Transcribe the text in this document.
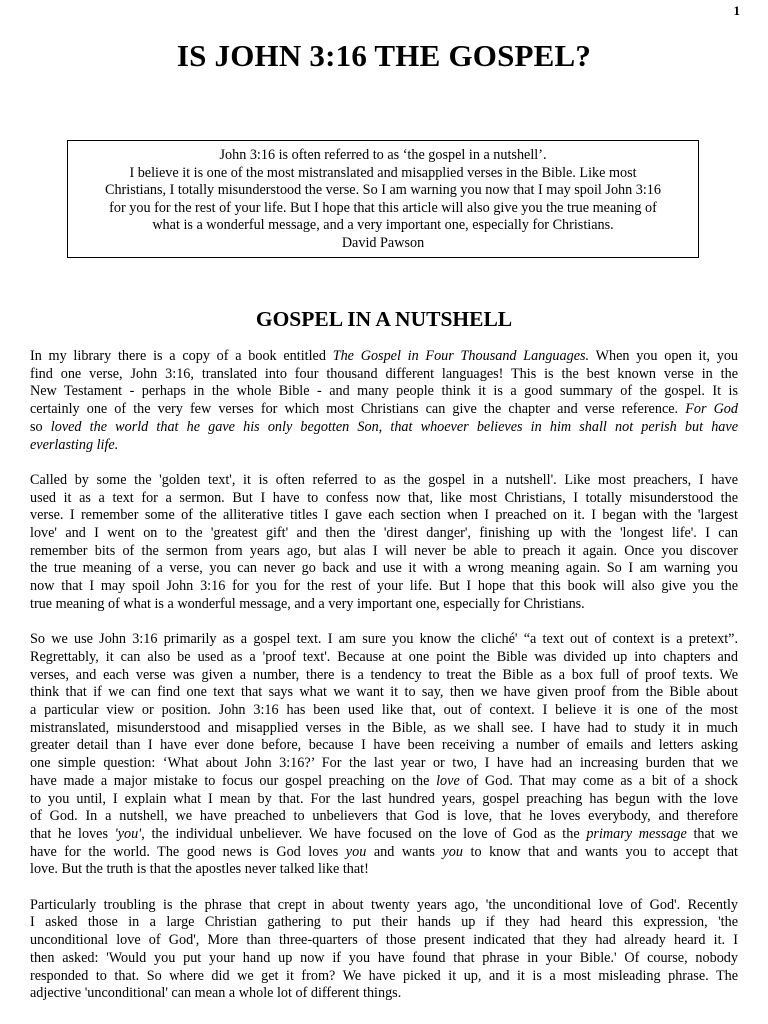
1
IS JOHN 3:16 THE GOSPEL?
John 3:16 is often referred to as ‘the gospel in a nutshell’.
I believe it is one of the most mistranslated and misapplied verses in the Bible. Like most
Christians, I totally misunderstood the verse. So I am warning you now that I may spoil John 3:16
for you for the rest of your life. But I hope that this article will also give you the true meaning of
what is a wonderful message, and a very important one, especially for Christians.
David Pawson
GOSPEL IN A NUTSHELL

In my library there is a copy of a book entitled The Gospel in Four Thousand Languages. When you open it, you
find one verse, John 3:16, translated into four thousand different languages! This is the best known verse in the
New Testament - perhaps in the whole Bible - and many people think it is a good summary of the gospel. It is
certainly one of the very few verses for which most Christians can give the chapter and verse reference. For God
so loved the world that he gave his only begotten Son, that whoever believes in him shall not perish but have
everlasting life.

Called by some the 'golden text', it is often referred to as the gospel in a nutshell'. Like most preachers, I have
used it as a text for a sermon. But I have to confess now that, like most Christians, I totally misunderstood the
verse. I remember some of the alliterative titles I gave each section when I preached on it. I began with the 'largest
love' and I went on to the 'greatest gift' and then the 'direst danger', finishing up with the 'longest life'. I can
remember bits of the sermon from years ago, but alas I will never be able to preach it again. Once you discover
the true meaning of a verse, you can never go back and use it with a wrong meaning again. So I am warning you
now that I may spoil John 3:16 for you for the rest of your life. But I hope that this book will also give you the
true meaning of what is a wonderful message, and a very important one, especially for Christians.

So we use John 3:16 primarily as a gospel text. I am sure you know the cliché' “a text out of context is a pretext”.
Regrettably, it can also be used as a 'proof text'. Because at one point the Bible was divided up into chapters and
verses, and each verse was given a number, there is a tendency to treat the Bible as a box full of proof texts. We
think that if we can find one text that says what we want it to say, then we have given proof from the Bible about
a particular view or position. John 3:16 has been used like that, out of context. I believe it is one of the most
mistranslated, misunderstood and misapplied verses in the Bible, as we shall see. I have had to study it in much
greater detail than I have ever done before, because I have been receiving a number of emails and letters asking
one simple question: ‘What about John 3:16?’ For the last year or two, I have had an increasing burden that we
have made a major mistake to focus our gospel preaching on the love of God. That may come as a bit of a shock
to you until, I explain what I mean by that. For the last hundred years, gospel preaching has begun with the love
of God. In a nutshell, we have preached to unbelievers that God is love, that he loves everybody, and therefore
that he loves 'you', the individual unbeliever. We have focused on the love of God as the primary message that we
have for the world. The good news is God loves you and wants you to know that and wants you to accept that
love. But the truth is that the apostles never talked like that!

Particularly troubling is the phrase that crept in about twenty years ago, 'the unconditional love of God'. Recently
I asked those in a large Christian gathering to put their hands up if they had heard this expression, 'the
unconditional love of God', More than three-quarters of those present indicated that they had already heard it. I
then asked: 'Would you put your hand up now if you have found that phrase in your Bible.' Of course, nobody
responded to that. So where did we get it from? We have picked it up, and it is a most misleading phrase. The
adjective 'unconditional' can mean a whole lot of different things.
